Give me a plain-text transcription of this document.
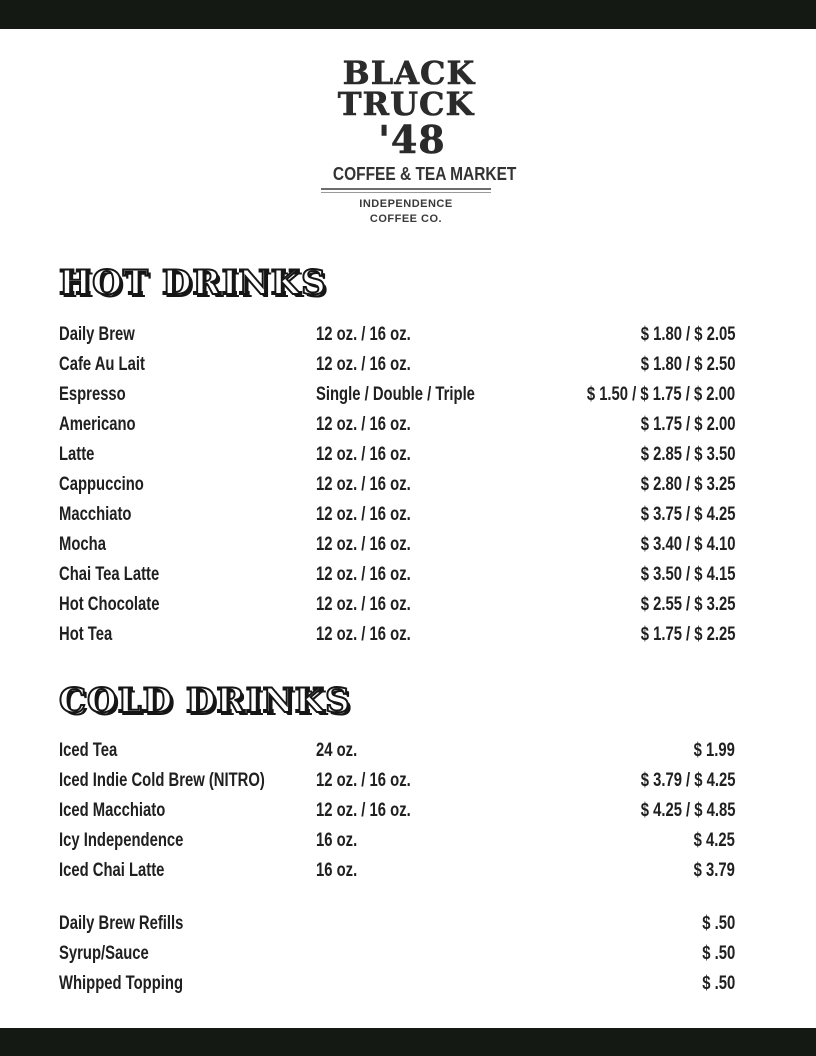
BLACK
TRUCK
'48
COFFEE & TEA MARKET
INDEPENDENCE
COFFEE CO.
HOT DRINKS
COLD DRINKS
Daily Brew	12 oz. / 16 oz.	$ 1.80 / $ 2.05
Cafe Au Lait	12 oz. / 16 oz.	$ 1.80 / $ 2.50
Espresso	Single / Double / Triple	$ 1.50 / $ 1.75 / $ 2.00
Americano	12 oz. / 16 oz.	$ 1.75 / $ 2.00
Latte	12 oz. / 16 oz.	$ 2.85 / $ 3.50
Cappuccino	12 oz. / 16 oz.	$ 2.80 / $ 3.25
Macchiato	12 oz. / 16 oz.	$ 3.75 / $ 4.25
Mocha	12 oz. / 16 oz.	$ 3.40 / $ 4.10
Chai Tea Latte	12 oz. / 16 oz.	$ 3.50 / $ 4.15
Hot Chocolate	12 oz. / 16 oz.	$ 2.55 / $ 3.25
Hot Tea	12 oz. / 16 oz.	$ 1.75 / $ 2.25
Iced Tea	24 oz.	$ 1.99
Iced Indie Cold Brew (NITRO)	12 oz. / 16 oz.	$ 3.79 / $ 4.25
Iced Macchiato	12 oz. / 16 oz.	$ 4.25 / $ 4.85
Icy Independence	16 oz.	$ 4.25
Iced Chai Latte	16 oz.	$ 3.79
Daily Brew Refills	$ .50
Syrup/Sauce	$ .50
Whipped Topping	$ .50
